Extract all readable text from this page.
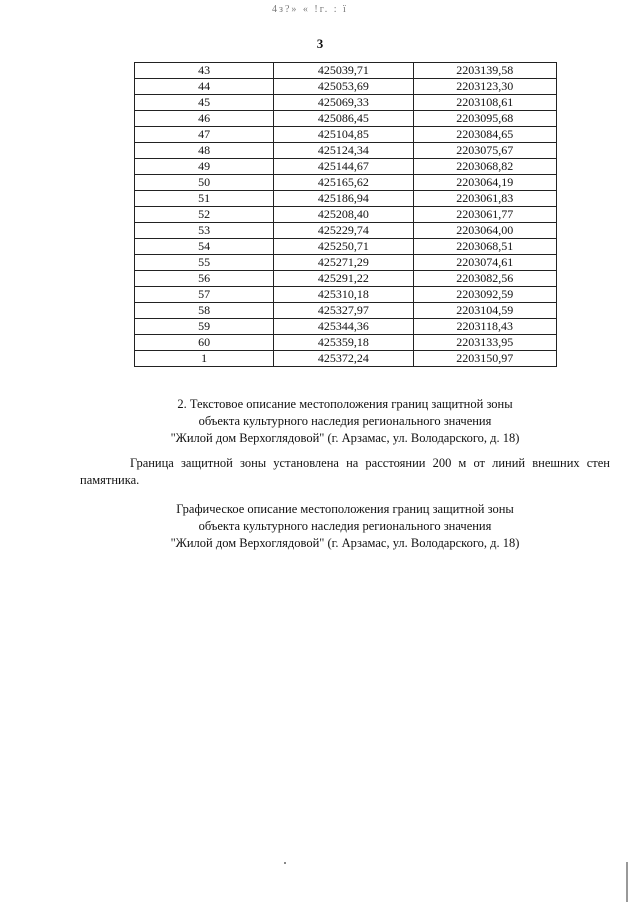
4з?» « !г. : ї
3
43	425039,71	2203139,58
44	425053,69	2203123,30
45	425069,33	2203108,61
46	425086,45	2203095,68
47	425104,85	2203084,65
48	425124,34	2203075,67
49	425144,67	2203068,82
50	425165,62	2203064,19
51	425186,94	2203061,83
52	425208,40	2203061,77
53	425229,74	2203064,00
54	425250,71	2203068,51
55	425271,29	2203074,61
56	425291,22	2203082,56
57	425310,18	2203092,59
58	425327,97	2203104,59
59	425344,36	2203118,43
60	425359,18	2203133,95
1	425372,24	2203150,97
2. Текстовое описание местоположения границ защитной зоны
объекта культурного наследия регионального значения
"Жилой дом Верхоглядовой" (г. Арзамас, ул. Володарского, д. 18)
Граница защитной зоны установлена на расстоянии 200 м от линий внешних стен памятника.
Графическое описание местоположения границ защитной зоны
объекта культурного наследия регионального значения
"Жилой дом Верхоглядовой" (г. Арзамас, ул. Володарского, д. 18)
